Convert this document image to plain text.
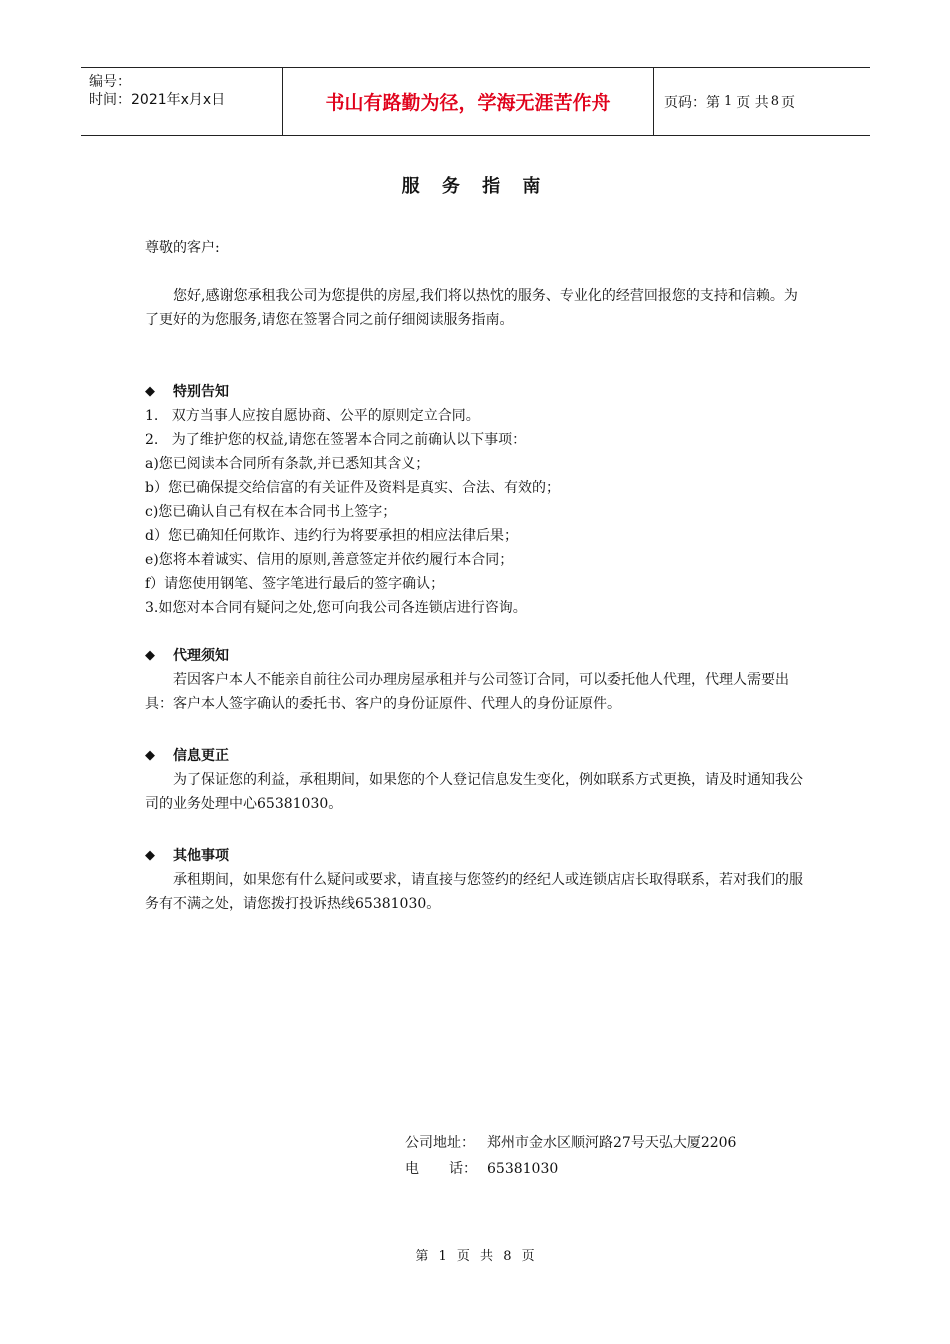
编号：
时间：2021年x月x日	书山有路勤为径，学海无涯苦作舟	页码：第 1 页 共 8 页
服 务 指 南

尊敬的客户:

您好,感谢您承租我公司为您提供的房屋,我们将以热忱的服务、专业化的经营回报您的支持和信赖。为了更好的为您服务,请您在签署合同之前仔细阅读服务指南。

◆	特别告知

1.   双方当事人应按自愿协商、公平的原则定立合同。

2.   为了维护您的权益,请您在签署本合同之前确认以下事项：

a)您已阅读本合同所有条款,并已悉知其含义；

b）您已确保提交给信富的有关证件及资料是真实、合法、有效的；

c)您已确认自己有权在本合同书上签字；

d）您已确知任何欺诈、违约行为将要承担的相应法律后果；

e)您将本着诚实、信用的原则,善意签定并依约履行本合同；

f）请您使用钢笔、签字笔进行最后的签字确认；

3.如您对本合同有疑问之处,您可向我公司各连锁店进行咨询。

◆	代理须知

若因客户本人不能亲自前往公司办理房屋承租并与公司签订合同，可以委托他人代理，代理人需要出具：客户本人签字确认的委托书、客户的身份证原件、代理人的身份证原件。

◆	信息更正

为了保证您的利益，承租期间，如果您的个人登记信息发生变化，例如联系方式更换，请及时通知我公司的业务处理中心65381030。

◆	其他事项

承租期间，如果您有什么疑问或要求，请直接与您签约的经纪人或连锁店店长取得联系，若对我们的服务有不满之处，请您拨打投诉热线65381030。

公司地址： 郑州市金水区顺河路27号天弘大厦2206
电 话： 65381030
第 1 页 共 8 页
